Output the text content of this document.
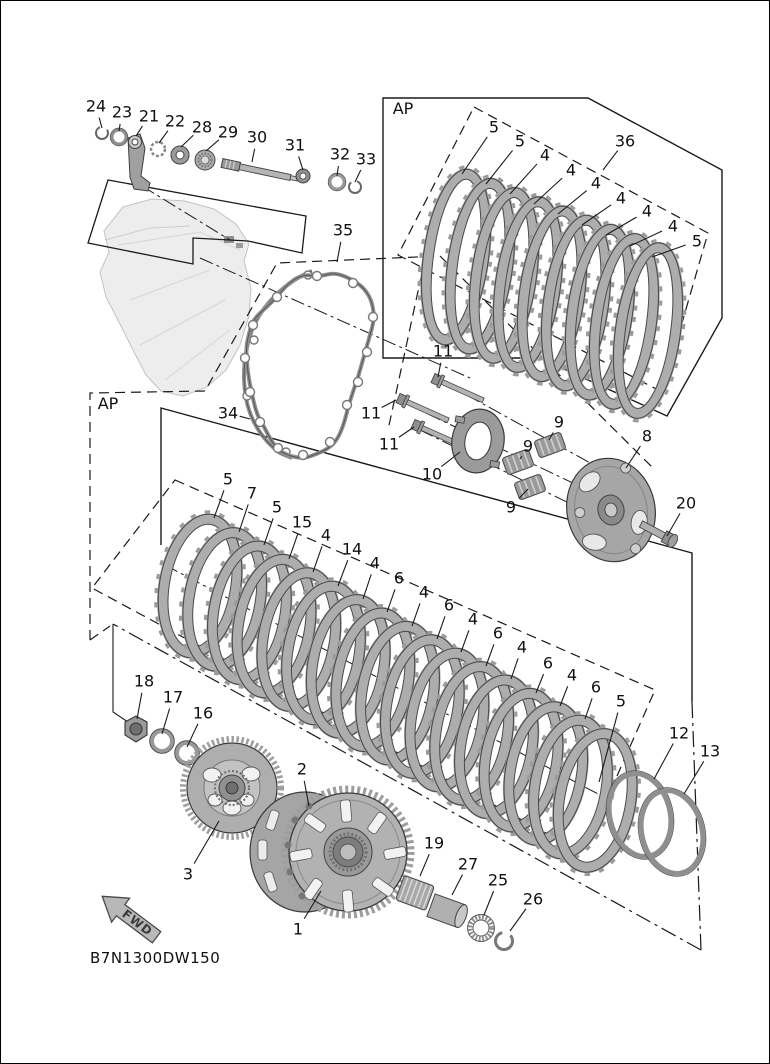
FWD
AP
AP
B7N1300DW150
24 23 21 22 28 29 30 31 32 33
35
5
5
4
4
4
4
4
4
5
36
34
11
11
11
10
9
9
9
8
20
5
7
5
15
4
14
4
6
4
6
4
6
4
6
4
6
5
18
17
16
3
2
1
19
27
25
26
12
13
